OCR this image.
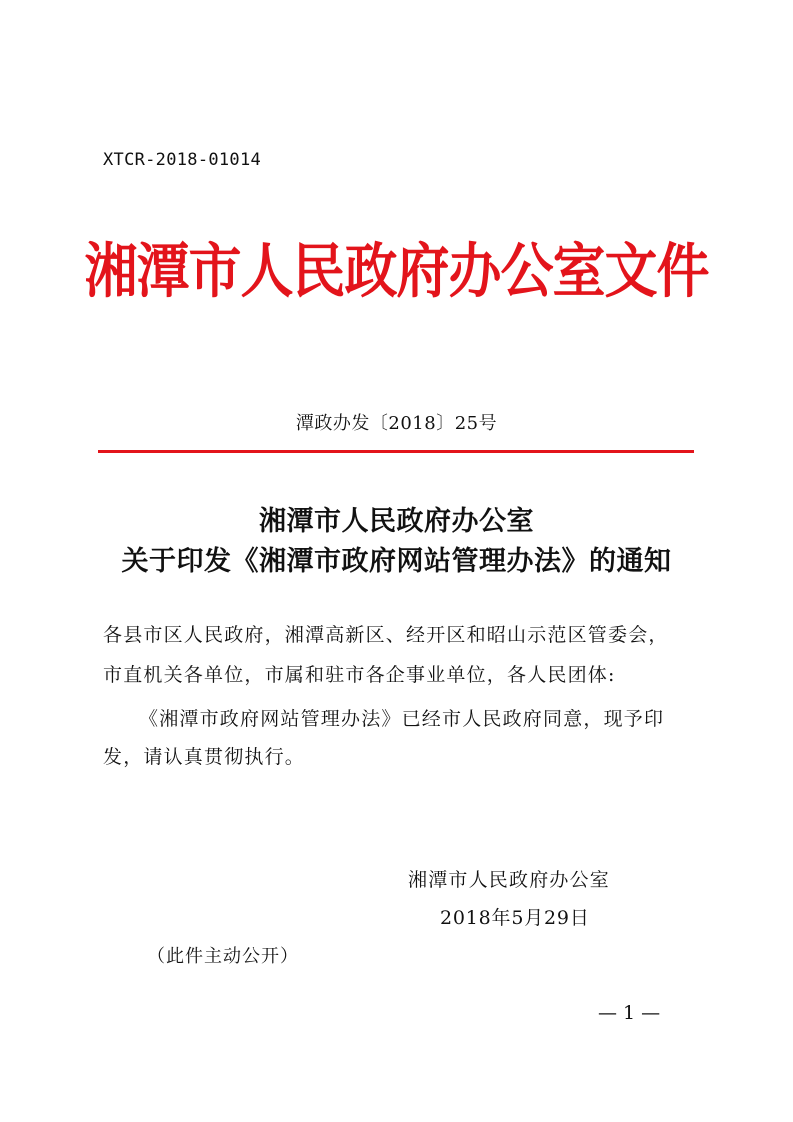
XTCR-2018-01014
湘潭市人民政府办公室文件
潭政办发〔2018〕25号
湘潭市人民政府办公室
关于印发《湘潭市政府网站管理办法》的通知
各县市区人民政府，湘潭高新区、经开区和昭山示范区管委会，
市直机关各单位，市属和驻市各企事业单位，各人民团体:
《湘潭市政府网站管理办法》已经市人民政府同意，现予印
发，请认真贯彻执行。
湘潭市人民政府办公室
2018年5月29日
（此件主动公开）
— 1 —
